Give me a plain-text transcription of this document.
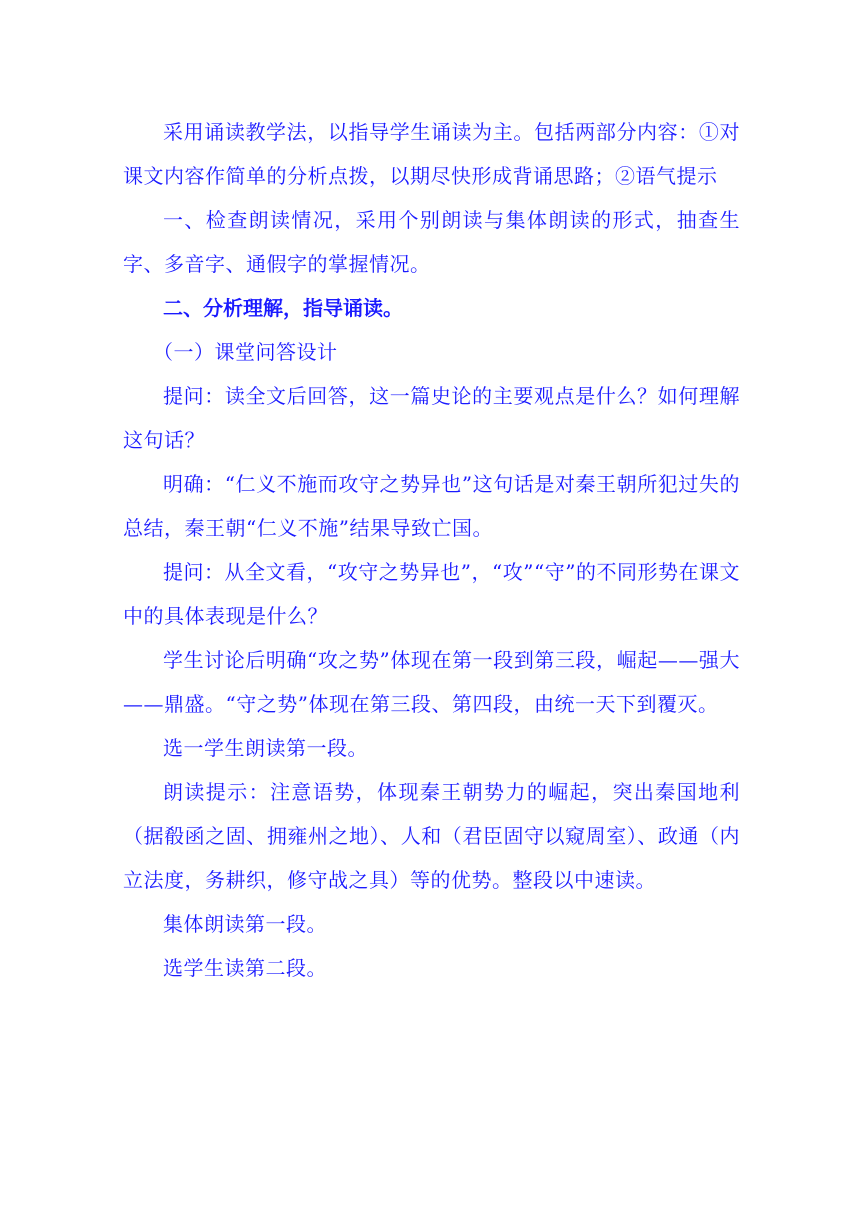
采用诵读教学法，以指导学生诵读为主。包括两部分内容：①对课文内容作简单的分析点拨，以期尽快形成背诵思路；②语气提示

一、检查朗读情况，采用个别朗读与集体朗读的形式，抽查生字、多音字、通假字的掌握情况。

二、分析理解，指导诵读。

（一）课堂问答设计

提问：读全文后回答，这一篇史论的主要观点是什么？如何理解这句话？

明确：“仁义不施而攻守之势异也”这句话是对秦王朝所犯过失的总结，秦王朝“仁义不施”结果导致亡国。

提问：从全文看，“攻守之势异也”，“攻”“守”的不同形势在课文中的具体表现是什么？

学生讨论后明确“攻之势”体现在第一段到第三段，崛起——强大——鼎盛。“守之势”体现在第三段、第四段，由统一天下到覆灭。

选一学生朗读第一段。

朗读提示：注意语势，体现秦王朝势力的崛起，突出秦国地利（据殽函之固、拥雍州之地）、人和（君臣固守以窥周室）、政通（内立法度，务耕织，修守战之具）等的优势。整段以中速读。

集体朗读第一段。

选学生读第二段。
